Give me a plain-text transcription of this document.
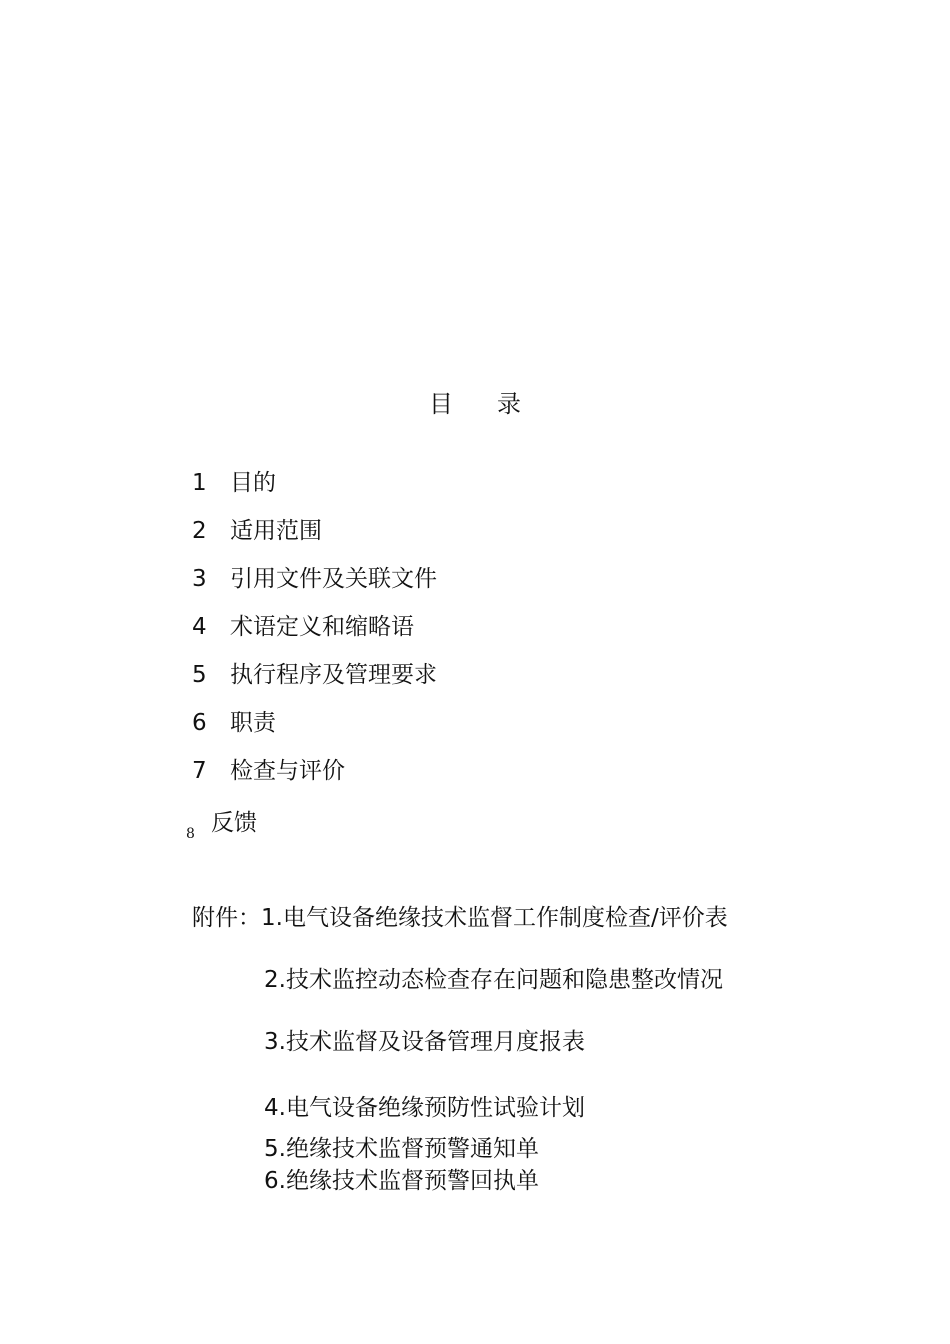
目 录
1 目的
2 适用范围
3 引用文件及关联文件
4 术语定义和缩略语
5 执行程序及管理要求
6 职责
7 检查与评价
8 反馈
附件：1.电气设备绝缘技术监督工作制度检查/评价表
2.技术监控动态检查存在问题和隐患整改情况
3.技术监督及设备管理月度报表
4.电气设备绝缘预防性试验计划
5.绝缘技术监督预警通知单
6.绝缘技术监督预警回执单
